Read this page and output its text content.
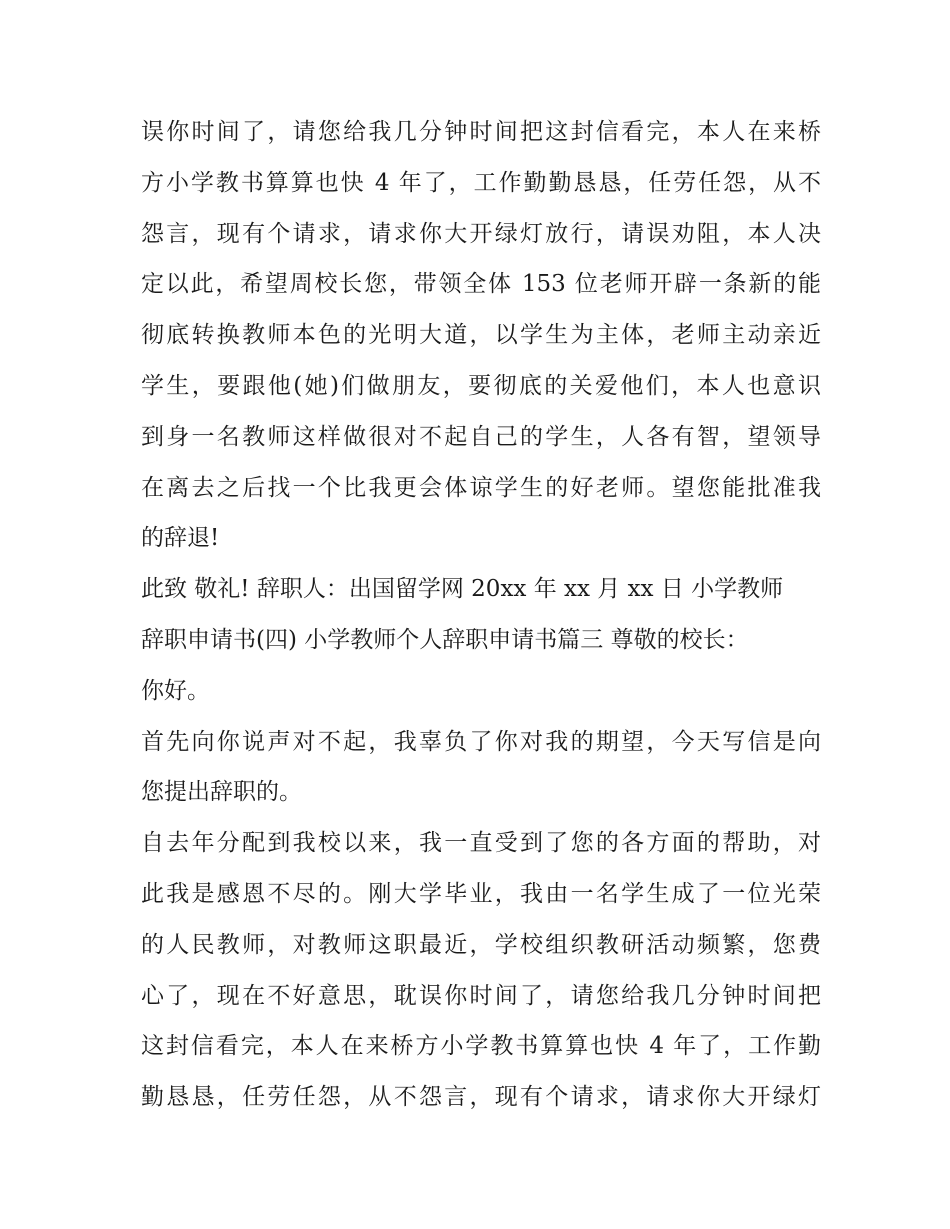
误你时间了，请您给我几分钟时间把这封信看完，本人在来桥
方小学教书算算也快 4 年了，工作勤勤恳恳，任劳任怨，从不
怨言，现有个请求，请求你大开绿灯放行，请误劝阻，本人决
定以此，希望周校长您，带领全体 153 位老师开辟一条新的能
彻底转换教师本色的光明大道，以学生为主体，老师主动亲近
学生，要跟他(她)们做朋友，要彻底的关爱他们，本人也意识
到身一名教师这样做很对不起自己的学生，人各有智，望领导
在离去之后找一个比我更会体谅学生的好老师。望您能批准我
的辞退!
此致 敬礼! 辞职人：出国留学网 20xx 年 xx 月 xx 日 小学教师
辞职申请书(四) 小学教师个人辞职申请书篇三 尊敬的校长：
你好。
首先向你说声对不起，我辜负了你对我的期望，今天写信是向
您提出辞职的。
自去年分配到我校以来，我一直受到了您的各方面的帮助，对
此我是感恩不尽的。刚大学毕业，我由一名学生成了一位光荣
的人民教师，对教师这职最近，学校组织教研活动频繁，您费
心了，现在不好意思，耽误你时间了，请您给我几分钟时间把
这封信看完，本人在来桥方小学教书算算也快 4 年了，工作勤
勤恳恳，任劳任怨，从不怨言，现有个请求，请求你大开绿灯
